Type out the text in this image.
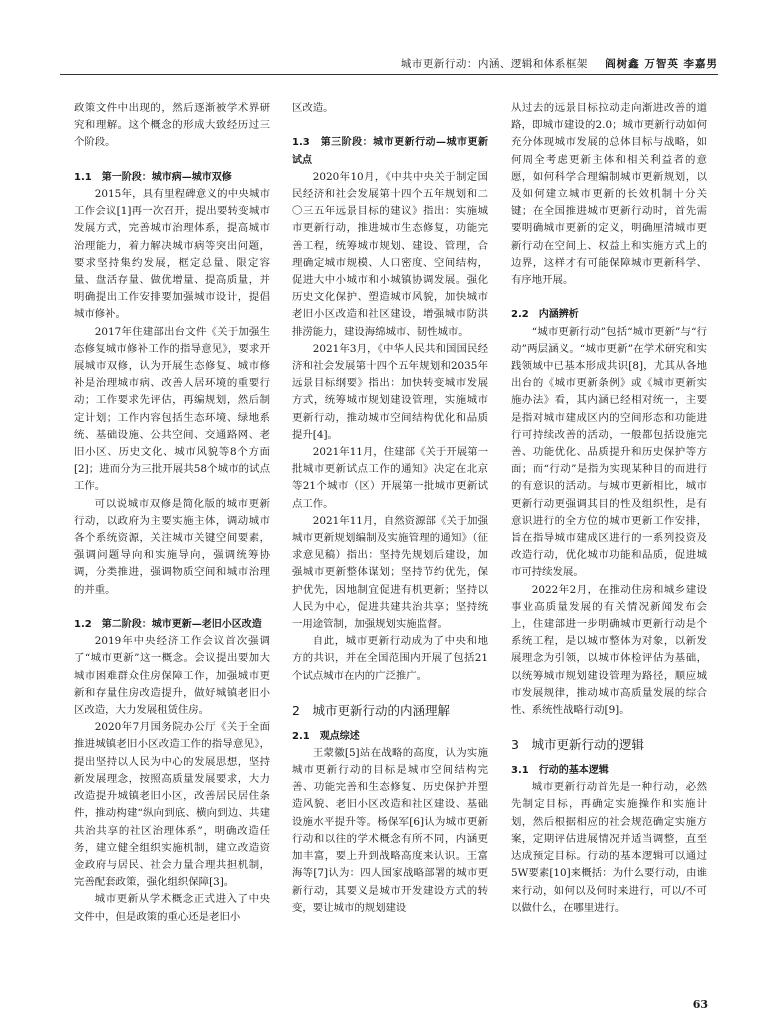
城市更新行动：内涵、逻辑和体系框架 阎树鑫 万智英 李嘉男

政策文件中出现的，然后逐渐被学术界研究和理解。这个概念的形成大致经历过三个阶段。

1.1　第一阶段：城市病—城市双修

2015年，具有里程碑意义的中央城市工作会议[1]再一次召开，提出要转变城市发展方式，完善城市治理体系，提高城市治理能力，着力解决城市病等突出问题，要求坚持集约发展，框定总量、限定容量、盘活存量、做优增量、提高质量，并明确提出工作安排要加强城市设计，提倡城市修补。

2017年住建部出台文件《关于加强生态修复城市修补工作的指导意见》，要求开展城市双修，认为开展生态修复、城市修补是治理城市病、改善人居环境的重要行动；工作要求先评估，再编规划，然后制定计划；工作内容包括生态环境、绿地系统、基础设施、公共空间、交通路网、老旧小区、历史文化、城市风貌等8个方面[2]；进而分为三批开展共58个城市的试点工作。

可以说城市双修是简化版的城市更新行动，以政府为主要实施主体，调动城市各个系统资源，关注城市关键空间要素，强调问题导向和实施导向，强调统筹协调，分类推进，强调物质空间和城市治理的并重。

1.2　第二阶段：城市更新—老旧小区改造

2019年中央经济工作会议首次强调了“城市更新”这一概念。会议提出要加大城市困难群众住房保障工作，加强城市更新和存量住房改造提升，做好城镇老旧小区改造，大力发展租赁住房。

2020年7月国务院办公厅《关于全面推进城镇老旧小区改造工作的指导意见》，提出坚持以人民为中心的发展思想，坚持新发展理念，按照高质量发展要求，大力改造提升城镇老旧小区，改善居民居住条件，推动构建“纵向到底、横向到边、共建共治共享的社区治理体系”，明确改造任务，建立健全组织实施机制，建立改造资金政府与居民、社会力量合理共担机制，完善配套政策，强化组织保障[3]。

城市更新从学术概念正式进入了中央文件中，但是政策的重心还是老旧小

区改造。

1.3　第三阶段：城市更新行动—城市更新试点

2020年10月，《中共中央关于制定国民经济和社会发展第十四个五年规划和二〇三五年远景目标的建议》指出：实施城市更新行动，推进城市生态修复，功能完善工程，统筹城市规划、建设、管理，合理确定城市规模、人口密度、空间结构，促进大中小城市和小城镇协调发展。强化历史文化保护、塑造城市风貌，加快城市老旧小区改造和社区建设，增强城市防洪排涝能力，建设海绵城市、韧性城市。

2021年3月，《中华人民共和国国民经济和社会发展第十四个五年规划和2035年远景目标纲要》指出：加快转变城市发展方式，统筹城市规划建设管理，实施城市更新行动，推动城市空间结构优化和品质提升[4]。

2021年11月，住建部《关于开展第一批城市更新试点工作的通知》决定在北京等21个城市（区）开展第一批城市更新试点工作。

2021年11月，自然资源部《关于加强城市更新规划编制及实施管理的通知》（征求意见稿）指出：坚持先规划后建设，加强城市更新整体谋划；坚持节约优先，保护优先，因地制宜促进有机更新；坚持以人民为中心，促进共建共治共享；坚持统一用途管制，加强规划实施监督。

自此，城市更新行动成为了中央和地方的共识，并在全国范围内开展了包括21个试点城市在内的广泛推广。

2　城市更新行动的内涵理解
2.1　观点综述

王蒙徽[5]站在战略的高度，认为实施城市更新行动的目标是城市空间结构完善、功能完善和生态修复、历史保护并塑造风貌、老旧小区改造和社区建设、基础设施水平提升等。杨保军[6]认为城市更新行动和以往的学术概念有所不同，内涵更加丰富，要上升到战略高度来认识。王富海等[7]认为：四人国家战略部署的城市更新行动，其要义是城市开发建设方式的转变，要让城市的规划建设

从过去的远景目标拉动走向渐进改善的道路，即城市建设的2.0；城市更新行动如何充分体现城市发展的总体目标与战略，如何周全考虑更新主体和相关利益者的意愿，如何科学合理编制城市更新规划，以及如何建立城市更新的长效机制十分关键；在全国推进城市更新行动时，首先需要明确城市更新的定义，明确厘清城市更新行动在空间上、权益上和实施方式上的边界，这样才有可能保障城市更新科学、有序地开展。

2.2　内涵辨析

“城市更新行动”包括“城市更新”与“行动”两层涵义。“城市更新”在学术研究和实践领域中已基本形成共识[8]，尤其从各地出台的《城市更新条例》或《城市更新实施办法》看，其内涵已经相对统一，主要是指对城市建成区内的空间形态和功能进行可持续改善的活动，一般都包括设施完善、功能优化、品质提升和历史保护等方面；而“行动”是指为实现某种目的而进行的有意识的活动。与城市更新相比，城市更新行动更强调其目的性及组织性，是有意识进行的全方位的城市更新工作安排，旨在指导城市建成区进行的一系列投资及改造行动，优化城市功能和品质，促进城市可持续发展。

2022年2月，在推动住房和城乡建设事业高质量发展的有关情况新闻发布会上，住建部进一步明确城市更新行动是个系统工程，是以城市整体为对象，以新发展理念为引领，以城市体检评估为基础，以统筹城市规划建设管理为路径，顺应城市发展规律，推动城市高质量发展的综合性、系统性战略行动[9]。

3　城市更新行动的逻辑
3.1　行动的基本逻辑

城市更新行动首先是一种行动，必然先制定目标，再确定实施操作和实施计划，然后根据相应的社会规范确定实施方案，定期评估进展情况并适当调整，直至达成预定目标。行动的基本逻辑可以通过5W要素[10]来概括：为什么要行动，由谁来行动，如何以及何时来进行，可以/不可以做什么，在哪里进行。

63
